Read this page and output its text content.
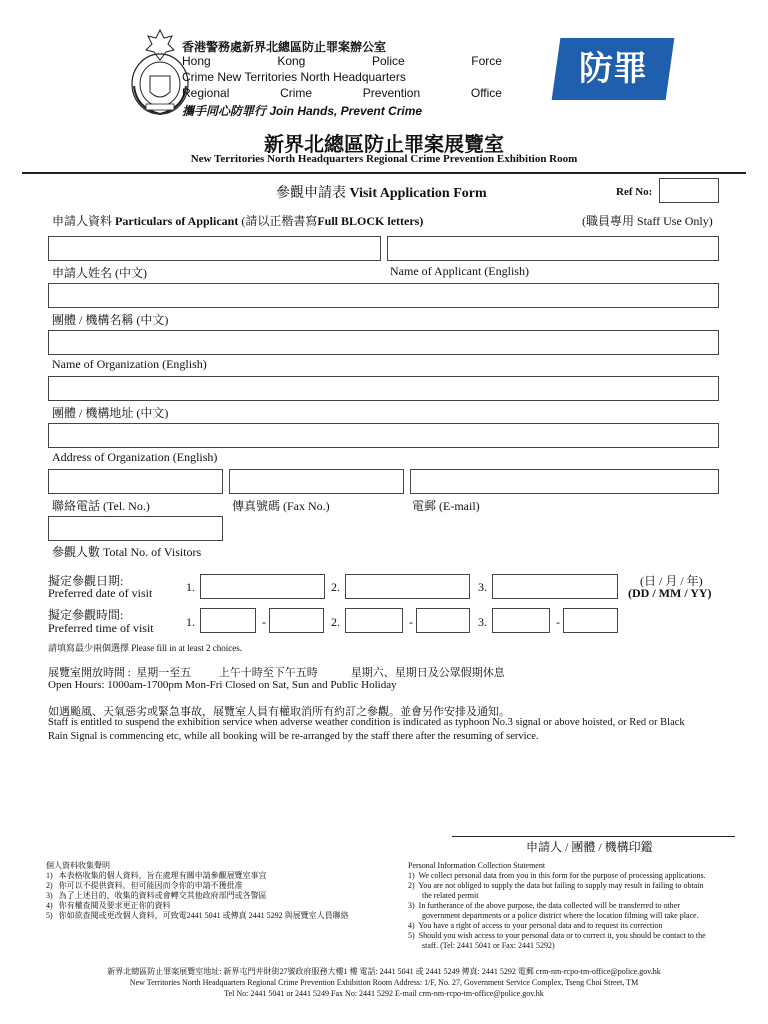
香港警務處新界北總區防止罪案辦公室
Hong	Kong	Police	Force
Crime New Territories North Headquarters
Regional	Crime	Prevention	Office
攜手同心防罪行 Join Hands, Prevent Crime
防罪
新界北總區防止罪案展覽室
New Territories North Headquarters Regional Crime Prevention Exhibition Room
參觀申請表 Visit Application Form	Ref No:
申請人資料 Particulars of Applicant (請以正楷書寫Full BLOCK letters)	(職員專用 Staff Use Only)
申請人姓名 (中文)	Name of Applicant (English)
團體 / 機構名稱 (中文)
Name of Organization (English)
團體 / 機構地址 (中文)
Address of Organization (English)
聯絡電話 (Tel. No.)	傳真號碼 (Fax No.)	電郵 (E-mail)
參觀人數 Total No. of Visitors
擬定參觀日期:
Preferred date of visit	1.	2.	3.	(日 / 月 / 年)
(DD / MM / YY)
擬定參觀時間:
Preferred time of visit	1.	-	2.	-	3.	-
請填寫最少兩個選擇 Please fill in at least 2 choices.
展覽室開放時間 :  星期一至五          上午十時至下午五時            星期六、星期日及公眾假期休息
Open Hours: 1000am-1700pm Mon-Fri Closed on Sat, Sun and Public Holiday
如遇颱風、天氣惡劣或緊急事故，展覽室人員有權取消所有約訂之參觀。並會另作安排及通知。
Staff is entitled to suspend the exhibition service when adverse weather condition is indicated as typhoon No.3 signal or above hoisted, or Red or Black
Rain Signal is commencing etc, while all booking will be re-arranged by the staff there after the resuming of service.
申請人 / 團體 / 機構印鑑
個人資料收集聲明
1)   本表格收集的個人資料，旨在處理有關申請參觀展覽室事宜
2)   你可以不提供資料，但可能因而令你的申請不獲批准
3)   為了上述目的，收集的資料或會轉交其他政府部門或各警區
4)   你有權查閱及要求更正你的資料
5)   你如欲查閱或更改個人資料，可致電2441 5041 或傳真 2441 5292 與展覽室人員聯絡
Personal Information Collection Statement
1)  We collect personal data from you in this form for the purpose of processing applications.
2)  You are not obliged to supply the data but failing to supply may result in failing to obtain
the related permit
3)  In furtherance of the above purpose, the data collected will be transferred to other
government departments or a police district where the location filming will take place.
4)  You have a right of access to your personal data and to request its correction
5)  Should you wish access to your personal data or to correct it, you should be contact to the
staff. (Tel: 2441 5041 or Fax: 2441 5292)
新界北總區防止罪案展覽室地址: 新界屯門井財街27號政府服務大樓1 樓 電話: 2441 5041 或 2441 5249 傳真: 2441 5292 電郵 crm-nm-rcpo-tm-office@police.gov.hk
New Territories North Headquarters Regional Crime Prevention Exhibition Room Address: 1/F, No. 27, Government Service Complex, Tseng Choi Street, TM
Tel No: 2441 5041 or 2441 5249 Fax No: 2441 5292 E-mail crm-nm-rcpo-tm-office@police.gov.hk
